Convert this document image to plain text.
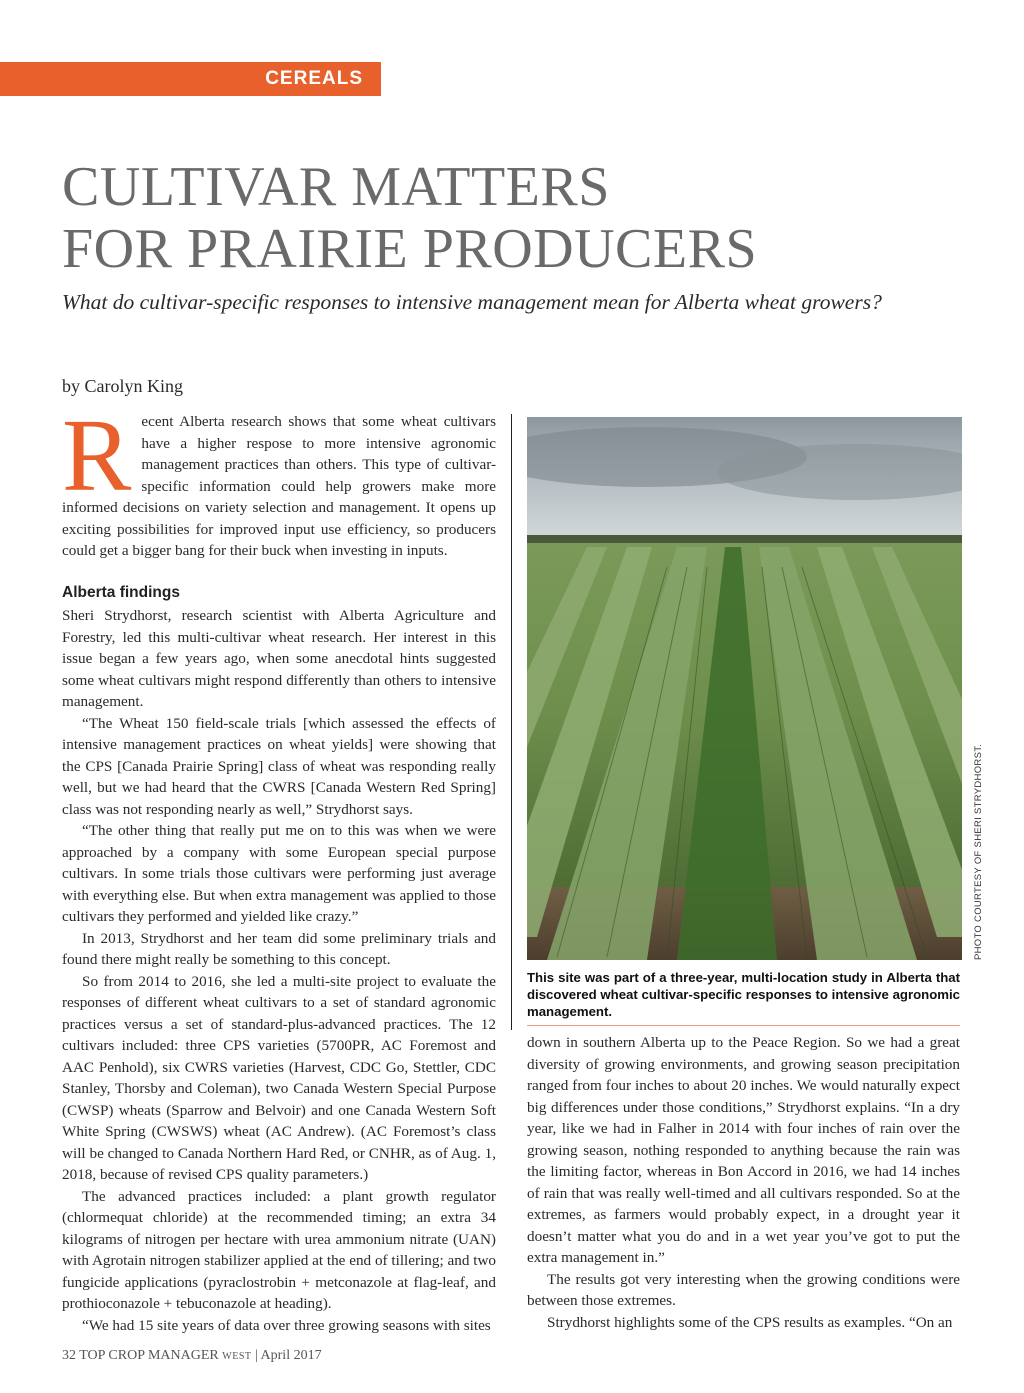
CEREALS
CULTIVAR MATTERS
FOR PRAIRIE PRODUCERS
What do cultivar-specific responses to intensive management mean for Alberta wheat growers?
by Carolyn King

Recent Alberta research shows that some wheat cultivars have a higher respose to more intensive agronomic management practices than others. This type of cultivar-specific information could help growers make more informed decisions on variety selection and management. It opens up exciting possibilities for improved input use efficiency, so producers could get a bigger bang for their buck when investing in inputs.

Alberta findings

Sheri Strydhorst, research scientist with Alberta Agriculture and Forestry, led this multi-cultivar wheat research. Her interest in this issue began a few years ago, when some anecdotal hints suggested some wheat cultivars might respond differently than others to intensive management.

“The Wheat 150 field-scale trials [which assessed the effects of intensive management practices on wheat yields] were showing that the CPS [Canada Prairie Spring] class of wheat was responding really well, but we had heard that the CWRS [Canada Western Red Spring] class was not responding nearly as well,” Strydhorst says.

“The other thing that really put me on to this was when we were approached by a company with some European special purpose cultivars. In some trials those cultivars were performing just average with everything else. But when extra management was applied to those cultivars they performed and yielded like crazy.”

In 2013, Strydhorst and her team did some preliminary trials and found there might really be something to this concept.

So from 2014 to 2016, she led a multi-site project to evaluate the responses of different wheat cultivars to a set of standard agronomic practices versus a set of standard-plus-advanced practices. The 12 cultivars included: three CPS varieties (5700PR, AC Foremost and AAC Penhold), six CWRS varieties (Harvest, CDC Go, Stettler, CDC Stanley, Thorsby and Coleman), two Canada Western Special Purpose (CWSP) wheats (Sparrow and Belvoir) and one Canada Western Soft White Spring (CWSWS) wheat (AC Andrew). (AC Foremost’s class will be changed to Canada Northern Hard Red, or CNHR, as of Aug. 1, 2018, because of revised CPS quality parameters.)

The advanced practices included: a plant growth regulator (chlormequat chloride) at the recommended timing; an extra 34 kilograms of nitrogen per hectare with urea ammonium nitrate (UAN) with Agrotain nitrogen stabilizer applied at the end of tillering; and two fungicide applications (pyraclostrobin + metconazole at flag-leaf, and prothioconazole + tebuconazole at heading).

“We had 15 site years of data over three growing seasons with sites

PHOTO COURTESY OF SHERI STRYDHORST.
This site was part of a three-year, multi-location study in Alberta that discovered wheat cultivar-specific responses to intensive agronomic management.

down in southern Alberta up to the Peace Region. So we had a great diversity of growing environments, and growing season precipitation ranged from four inches to about 20 inches. We would naturally expect big differences under those conditions,” Strydhorst explains. “In a dry year, like we had in Falher in 2014 with four inches of rain over the growing season, nothing responded to anything because the rain was the limiting factor, whereas in Bon Accord in 2016, we had 14 inches of rain that was really well-timed and all cultivars responded. So at the extremes, as farmers would probably expect, in a drought year it doesn’t matter what you do and in a wet year you’ve got to put the extra management in.”

The results got very interesting when the growing conditions were between those extremes.

Strydhorst highlights some of the CPS results as examples. “On an

32 TOP CROP MANAGER WEST | April 2017
